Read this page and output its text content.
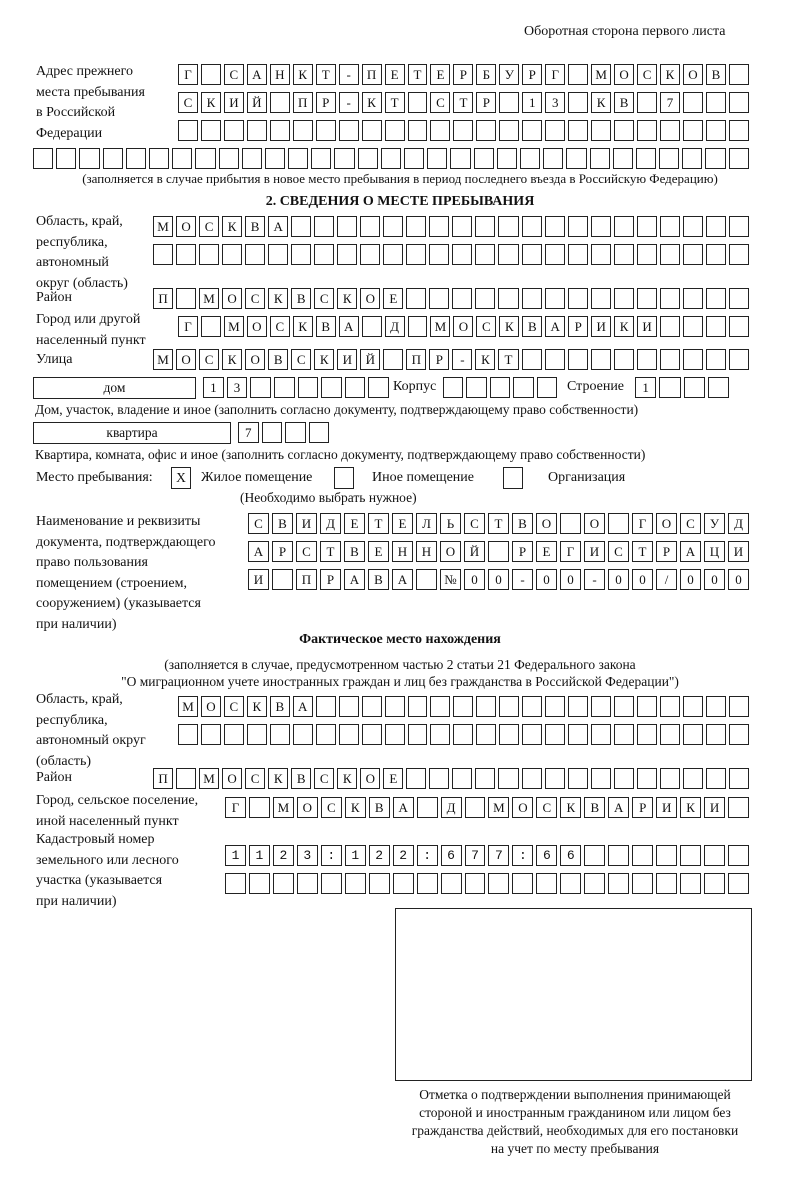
Оборотная сторона первого листа
Адрес прежнего
места пребывания
в Российской
Федерации
Г	С	А	Н	К	Т	-	П	Е	Т	Е	Р	Б	У	Р	Г	М О	С	К	О	В
С	К	И	Й	П	Р	-	К	Т	С	Т	Р	1	3	К	В	7
(заполняется в случае прибытия в новое место пребывания в период последнего въезда в Российскую Федерацию)
2. СВЕДЕНИЯ О МЕСТЕ ПРЕБЫВАНИЯ
Область, край,
республика,
автономный
округ (область)
М О	С	К	В	А
Район	П	М О	С	К	В	С	К	О	Е
Город или другой
населенный пункт
Г	М О	С	К	В	А	Д	М О	С	К	В	А	Р	И	К	И
Улица	М О	С	К	О	В	С	К	И	Й	П	Р	-	К	Т
дом	1	3	Корпус	Строение	1
Дом, участок, владение и иное (заполнить согласно документу, подтверждающему право собственности)
квартира	7
Квартира, комната, офис и иное (заполнить согласно документу, подтверждающему право собственности)
Место пребывания:	Х	Жилое помещение	Иное помещение	Организация
(Необходимо выбрать нужное)
Наименование и реквизиты
документа, подтверждающего
право пользования
помещением (строением,
сооружением) (указывается
при наличии)
С	В	И	Д	Е	Т	Е	Л	Ь	С	Т	В	О	О	Г	О	С	У	Д
А	Р	С	Т	В	Е	Н	Н	О	Й	Р	Е	Г	И	С	Т	Р	А	Ц	И
И	П	Р	А	В	А	№	0	0	-	0	0	-	0	0	/	0	0	0
Фактическое место нахождения
(заполняется в случае, предусмотренном частью 2 статьи 21 Федерального закона
"О миграционном учете иностранных граждан и лиц без гражданства в Российской Федерации")
Область, край,
республика,
автономный округ
(область)
М О	С	К	В	А
Район	П	М О	С	К	В	С	К	О	Е
Город, сельское поселение,
иной населенный пункт
Г	М	О	С	К	В	А	Д	М	О	С	К	В	А	Р	И	К	И
Кадастровый номер
земельного или лесного
участка (указывается
при наличии)
1123:122:677:66
Отметка о подтверждении выполнения принимающей
стороной и иностранным гражданином или лицом без
гражданства действий, необходимых для его постановки
на учет по месту пребывания
